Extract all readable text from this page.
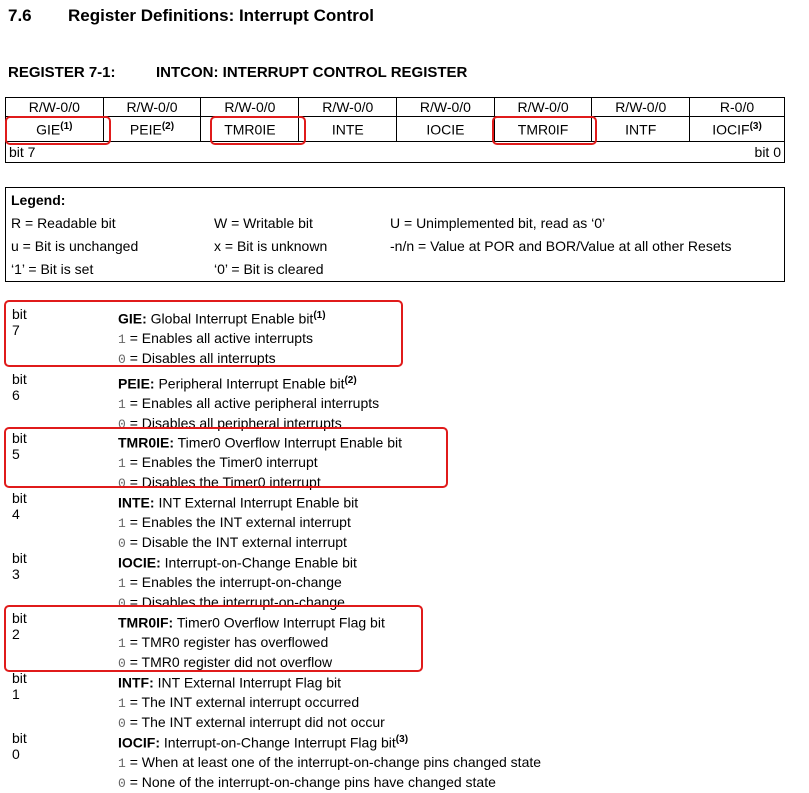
7.6 Register Definitions: Interrupt Control
REGISTER 7-1:	INTCON: INTERRUPT CONTROL REGISTER
R/W-0/0	R/W-0/0	R/W-0/0	R/W-0/0	R/W-0/0	R/W-0/0	R/W-0/0	R-0/0
GIE$^{(1)}$	PEIE$^{(2)}$	TMR0IE	INTE	IOCIE	TMR0IF	INTF	IOCIF$^{(3)}$

bit 7 bit 0							
Legend:
R = Readable bit	W = Writable bit	U = Unimplemented bit, read as ‘0’
u = Bit is unchanged	x = Bit is unknown	-n/n = Value at POR and BOR/Value at all other Resets
‘1’ = Bit is set	‘0’ = Bit is cleared
bit 7
GIE: Global Interrupt Enable bit$^{(1)}$
1 = Enables all active interrupts
0 = Disables all interrupts
bit 6
PEIE: Peripheral Interrupt Enable bit$^{(2)}$
1 = Enables all active peripheral interrupts
0 = Disables all peripheral interrupts
bit 5
TMR0IE: Timer0 Overflow Interrupt Enable bit
1 = Enables the Timer0 interrupt
0 = Disables the Timer0 interrupt
bit 4
INTE: INT External Interrupt Enable bit
1 = Enables the INT external interrupt
0 = Disable the INT external interrupt
bit 3
IOCIE: Interrupt-on-Change Enable bit
1 = Enables the interrupt-on-change
0 = Disables the interrupt-on-change
bit 2
TMR0IF: Timer0 Overflow Interrupt Flag bit
1 = TMR0 register has overflowed
0 = TMR0 register did not overflow
bit 1
INTF: INT External Interrupt Flag bit
1 = The INT external interrupt occurred
0 = The INT external interrupt did not occur
bit 0
IOCIF: Interrupt-on-Change Interrupt Flag bit$^{(3)}$
1 = When at least one of the interrupt-on-change pins changed state
0 = None of the interrupt-on-change pins have changed state
